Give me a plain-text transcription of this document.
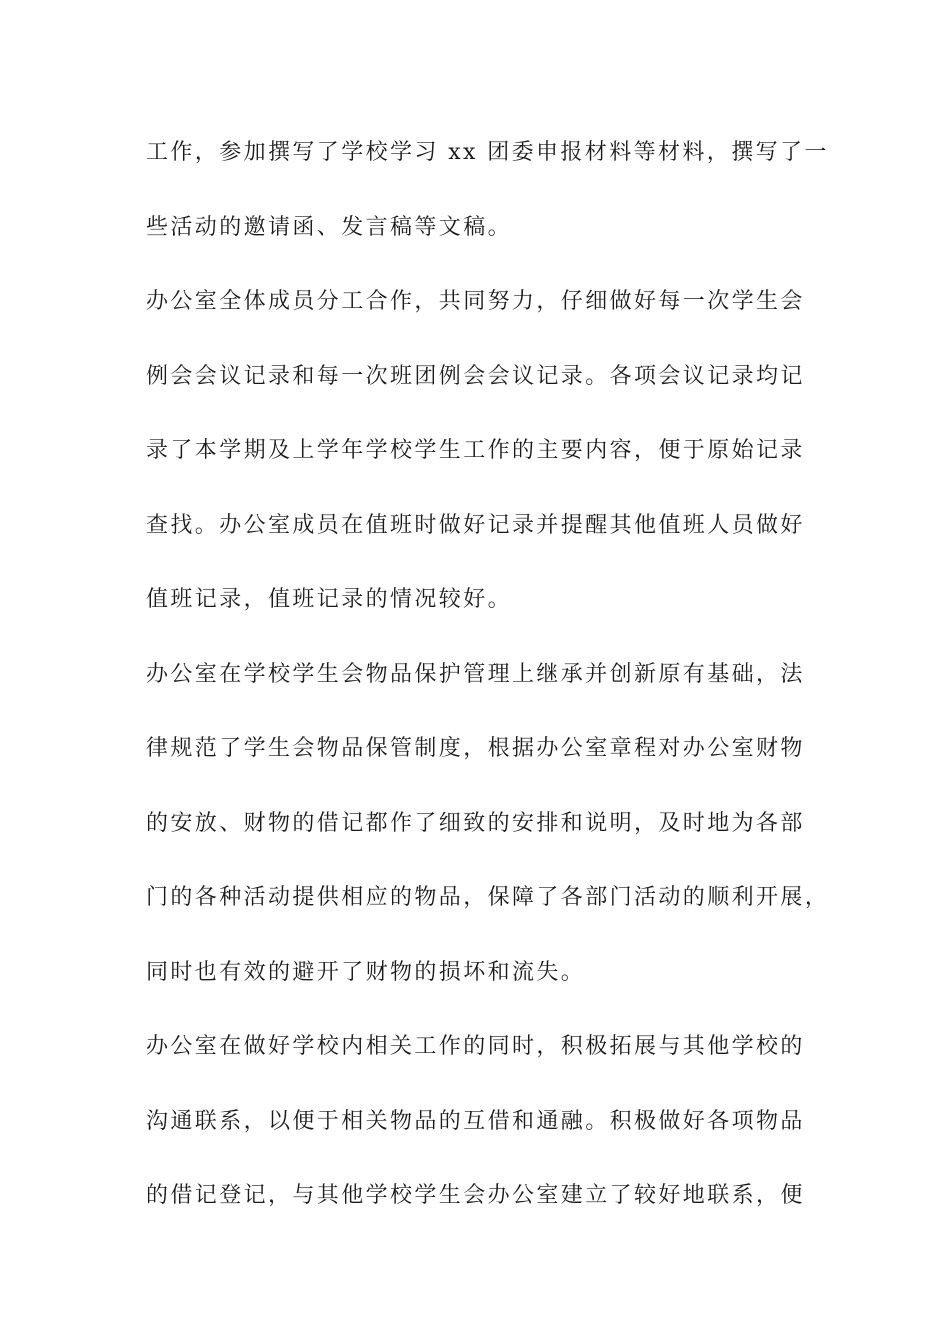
工作，参加撰写了学校学习 xx 团委申报材料等材料，撰写了一
些活动的邀请函、发言稿等文稿。
办公室全体成员分工合作，共同努力，仔细做好每一次学生会
例会会议记录和每一次班团例会会议记录。各项会议记录均记
录了本学期及上学年学校学生工作的主要内容，便于原始记录
查找。办公室成员在值班时做好记录并提醒其他值班人员做好
值班记录，值班记录的情况较好。
办公室在学校学生会物品保护管理上继承并创新原有基础，法
律规范了学生会物品保管制度，根据办公室章程对办公室财物
的安放、财物的借记都作了细致的安排和说明，及时地为各部
门的各种活动提供相应的物品，保障了各部门活动的顺利开展，
同时也有效的避开了财物的损坏和流失。
办公室在做好学校内相关工作的同时，积极拓展与其他学校的
沟通联系，以便于相关物品的互借和通融。积极做好各项物品
的借记登记，与其他学校学生会办公室建立了较好地联系，便
